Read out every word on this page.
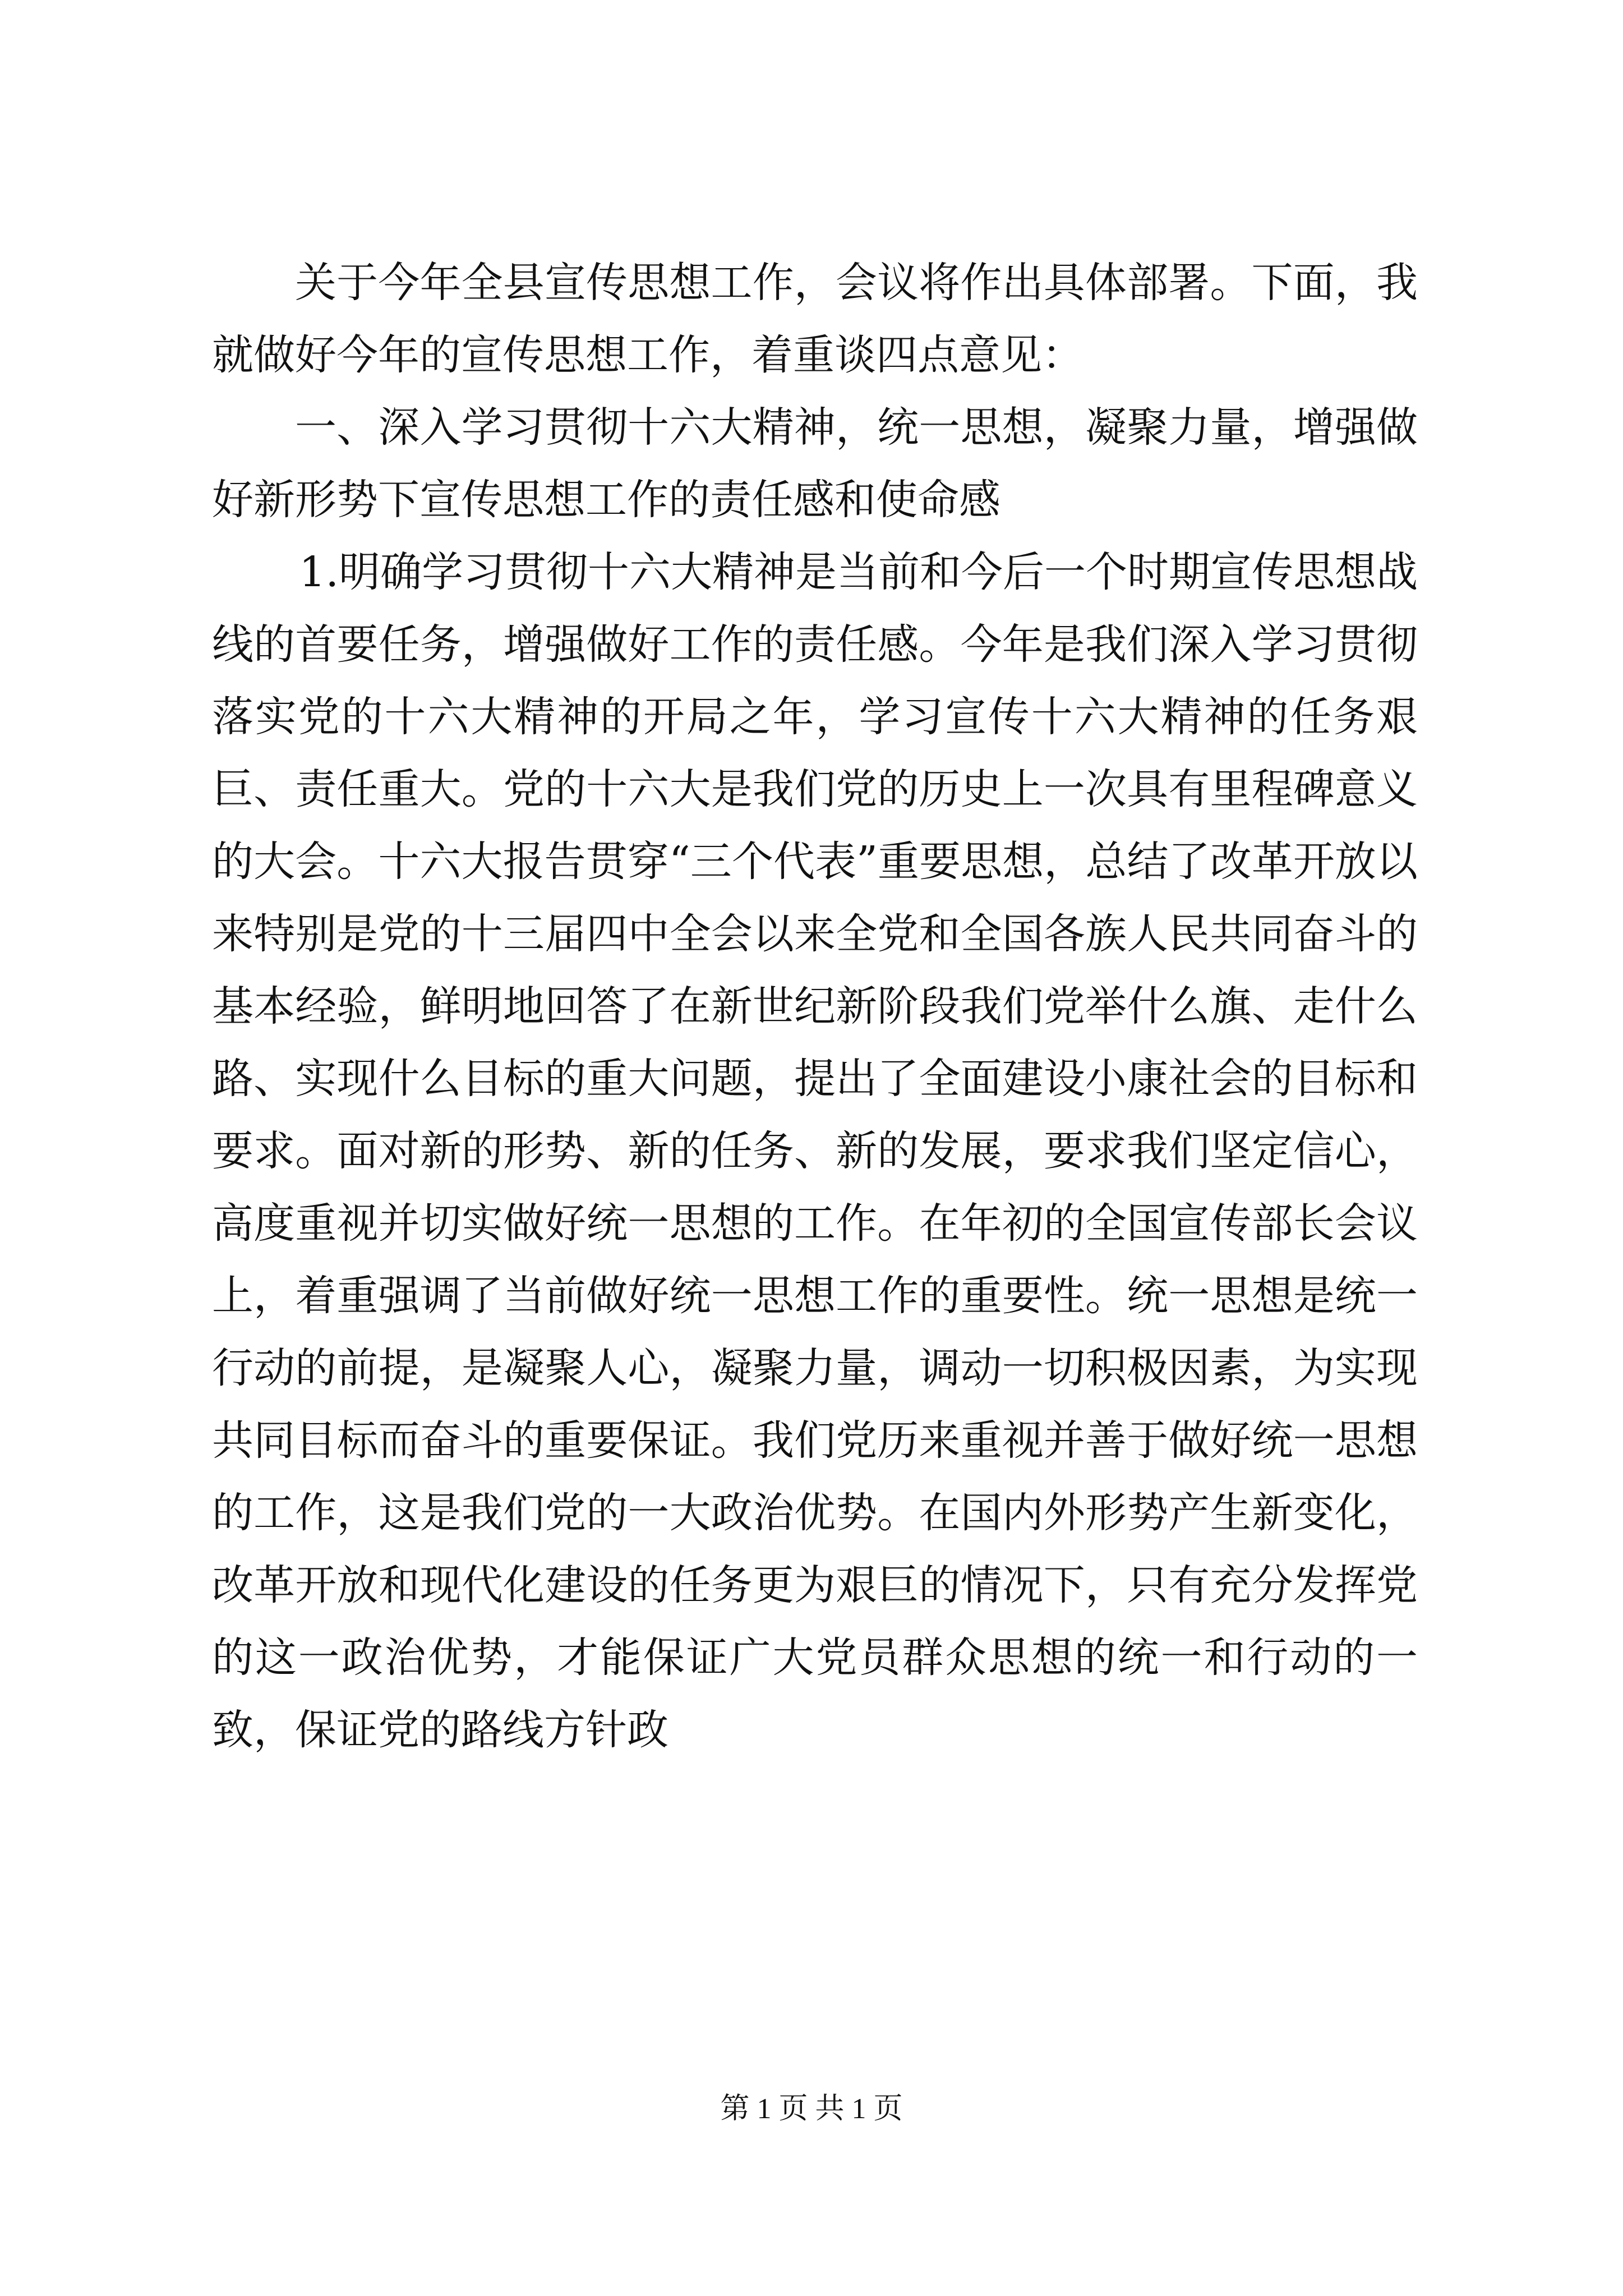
关于今年全县宣传思想工作，会议将作出具体部署。下面，我就做好今年的宣传思想工作，着重谈四点意见：

一、深入学习贯彻十六大精神，统一思想，凝聚力量，增强做好新形势下宣传思想工作的责任感和使命感

1.明确学习贯彻十六大精神是当前和今后一个时期宣传思想战线的首要任务，增强做好工作的责任感。今年是我们深入学习贯彻落实党的十六大精神的开局之年，学习宣传十六大精神的任务艰巨、责任重大。党的十六大是我们党的历史上一次具有里程碑意义的大会。十六大报告贯穿“三个代表”重要思想，总结了改革开放以来特别是党的十三届四中全会以来全党和全国各族人民共同奋斗的基本经验，鲜明地回答了在新世纪新阶段我们党举什么旗、走什么路、实现什么目标的重大问题，提出了全面建设小康社会的目标和要求。面对新的形势、新的任务、新的发展，要求我们坚定信心，高度重视并切实做好统一思想的工作。在年初的全国宣传部长会议上，着重强调了当前做好统一思想工作的重要性。统一思想是统一行动的前提，是凝聚人心，凝聚力量，调动一切积极因素，为实现共同目标而奋斗的重要保证。我们党历来重视并善于做好统一思想的工作，这是我们党的一大政治优势。在国内外形势产生新变化，改革开放和现代化建设的任务更为艰巨的情况下，只有充分发挥党的这一政治优势，才能保证广大党员群众思想的统一和行动的一致，保证党的路线方针政

第 1 页 共 1 页
